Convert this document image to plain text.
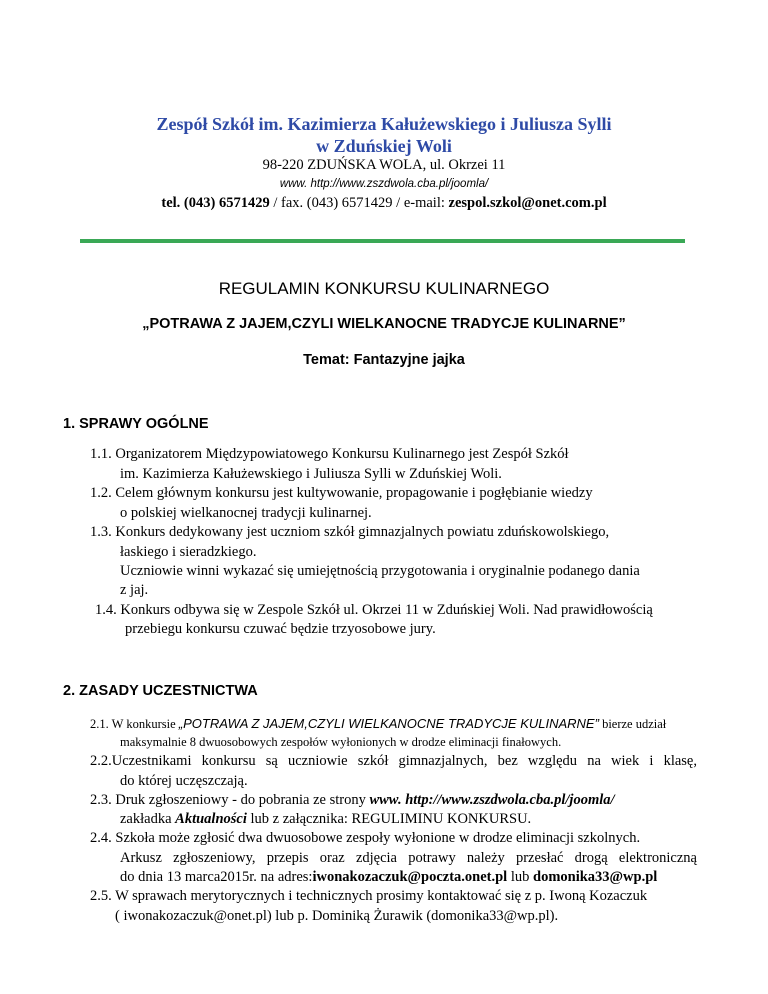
Zespół Szkół im. Kazimierza Kałużewskiego i Juliusza Sylli
w Zduńskiej Woli
98-220 ZDUŃSKA WOLA, ul. Okrzei 11
www. http://www.zszdwola.cba.pl/joomla/
tel. (043) 6571429 / fax. (043) 6571429 / e-mail: zespol.szkol@onet.com.pl
REGULAMIN KONKURSU KULINARNEGO
„POTRAWA Z JAJEM,CZYLI WIELKANOCNE TRADYCJE KULINARNE”
Temat: Fantazyjne jajka
1. SPRAWY OGÓLNE
1.1. Organizatorem Międzypowiatowego Konkursu Kulinarnego jest Zespół Szkół
im. Kazimierza Kałużewskiego i Juliusza Sylli w Zduńskiej Woli.
1.2. Celem głównym konkursu jest kultywowanie, propagowanie i pogłębianie wiedzy
o polskiej wielkanocnej tradycji kulinarnej.
1.3. Konkurs dedykowany jest uczniom szkół gimnazjalnych powiatu zduńskowolskiego,
łaskiego i sieradzkiego.
Uczniowie winni wykazać się umiejętnością przygotowania i oryginalnie podanego dania
z jaj.
1.4. Konkurs odbywa się w Zespole Szkół ul. Okrzei 11 w Zduńskiej Woli. Nad prawidłowością
przebiegu konkursu czuwać będzie trzyosobowe jury.
2. ZASADY UCZESTNICTWA
2.1. W konkursie „POTRAWA Z JAJEM,CZYLI WIELKANOCNE TRADYCJE KULINARNE” bierze udział
maksymalnie 8 dwuosobowych zespołów wyłonionych w drodze eliminacji finałowych.
2.2.Uczestnikami konkursu są uczniowie szkół gimnazjalnych, bez względu na wiek i klasę,
do której uczęszczają.
2.3. Druk zgłoszeniowy - do pobrania ze strony www. http://www.zszdwola.cba.pl/joomla/
zakładka Aktualności lub z załącznika: REGULIMINU KONKURSU.
2.4. Szkoła może zgłosić dwa dwuosobowe zespoły wyłonione w drodze eliminacji szkolnych.
Arkusz zgłoszeniowy, przepis oraz zdjęcia potrawy należy przesłać drogą elektroniczną
do dnia 13 marca2015r. na adres:iwonakozaczuk@poczta.onet.pl lub domonika33@wp.pl
2.5. W sprawach merytorycznych i technicznych prosimy kontaktować się z p. Iwoną Kozaczuk
( iwonakozaczuk@onet.pl) lub p. Dominiką Żurawik (domonika33@wp.pl).
